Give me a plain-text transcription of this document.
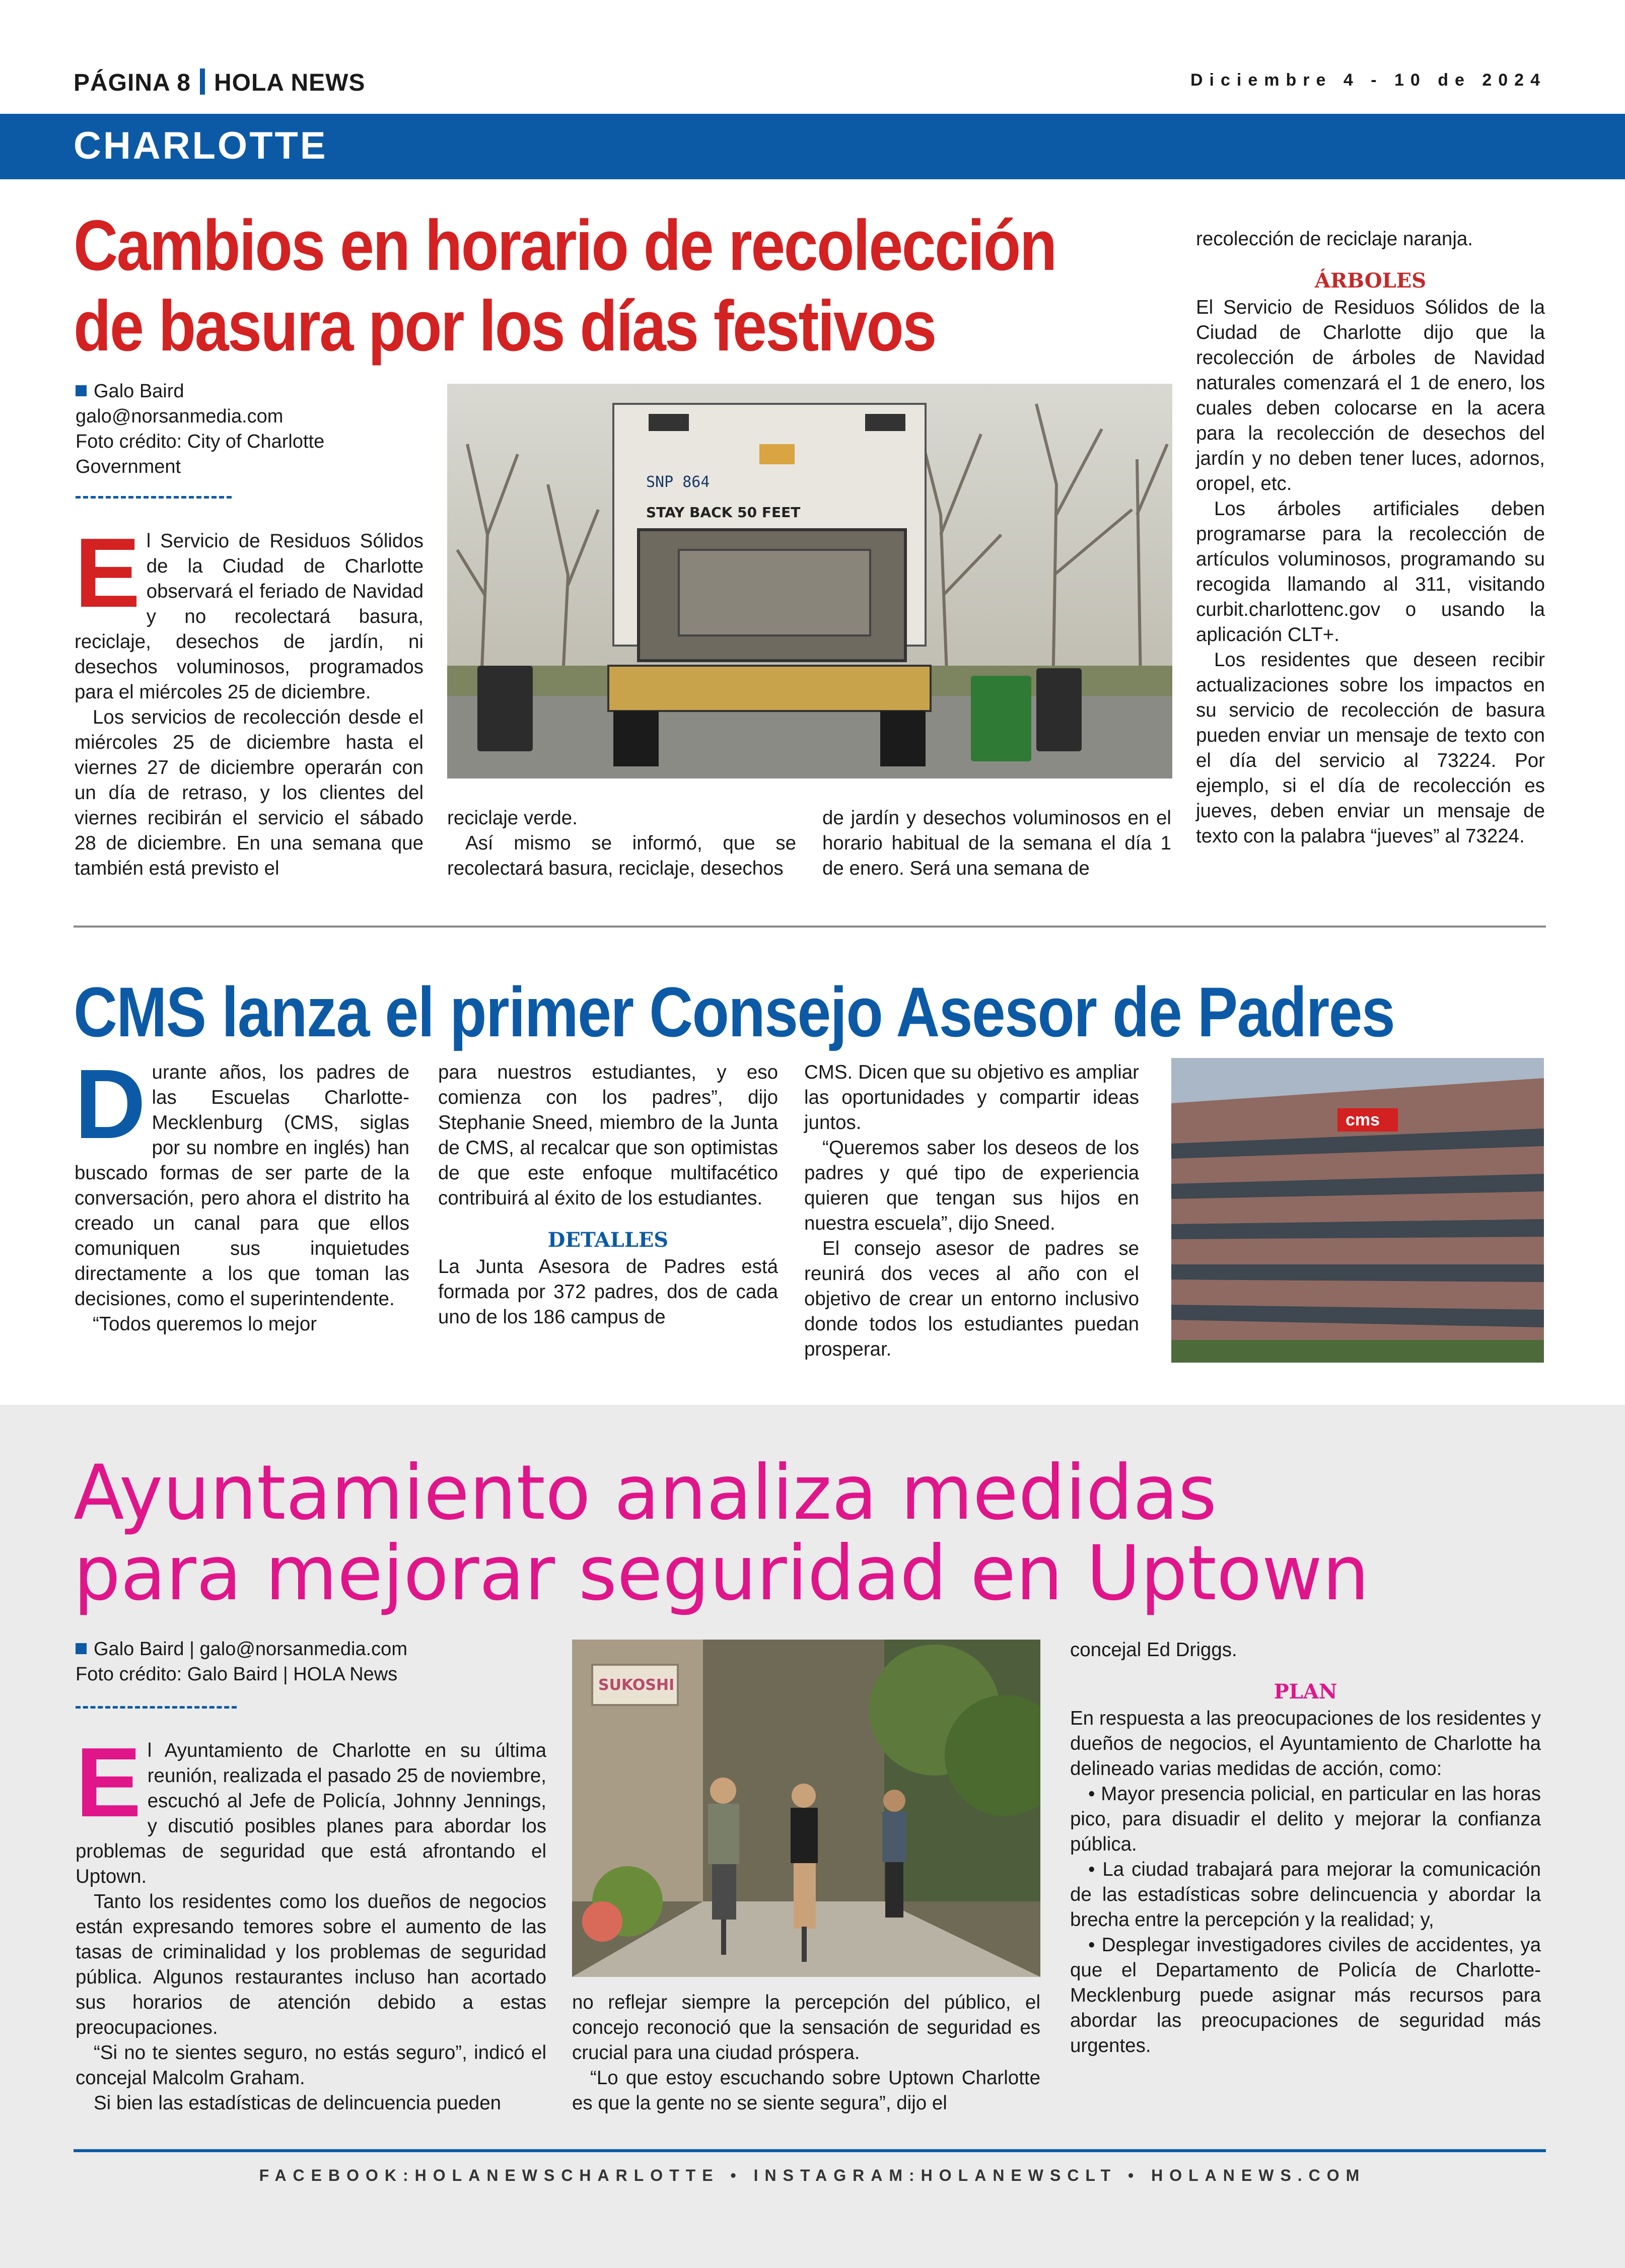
PÁGINA 8 HOLA NEWS	Diciembre 4 - 10 de 2024
CHARLOTTE
Cambios en horario de recolección
de basura por los días festivos
Galo Baird
galo@norsanmedia.com
Foto crédito: City of Charlotte
Government

El Servicio de Residuos Sólidos de la Ciudad de Charlotte observará el feriado de Navidad y no recolectará basura, reciclaje, desechos de jardín, ni desechos voluminosos, programados para el miércoles 25 de diciembre.

Los servicios de recolección desde el miércoles 25 de diciembre hasta el viernes 27 de diciembre operarán con un día de retraso, y los clientes del viernes recibirán el servicio el sábado 28 de diciembre. En una semana que también está previsto el

SNP 864
STAY BACK 50 FEET

reciclaje verde.

Así mismo se informó, que se recolectará basura, reciclaje, desechos

de jardín y desechos voluminosos en el horario habitual de la semana el día 1 de enero. Será una semana de

recolección de reciclaje naranja.

ÁRBOLES

El Servicio de Residuos Sólidos de la Ciudad de Charlotte dijo que la recolección de árboles de Navidad naturales comenzará el 1 de enero, los cuales deben colocarse en la acera para la recolección de desechos del jardín y no deben tener luces, adornos, oropel, etc.

Los árboles artificiales deben programarse para la recolección de artículos voluminosos, programando su recogida llamando al 311, visitando curbit.charlottenc.gov o usando la aplicación CLT+.

Los residentes que deseen recibir actualizaciones sobre los impactos en su servicio de recolección de basura pueden enviar un mensaje de texto con el día del servicio al 73224. Por ejemplo, si el día de recolección es jueves, deben enviar un mensaje de texto con la palabra “jueves” al 73224.

CMS lanza el primer Consejo Asesor de Padres

Durante años, los padres de las Escuelas Charlotte-Mecklenburg (CMS, siglas por su nombre en inglés) han buscado formas de ser parte de la conversación, pero ahora el distrito ha creado un canal para que ellos comuniquen sus inquietudes directamente a los que toman las decisiones, como el superintendente.

“Todos queremos lo mejor

para nuestros estudiantes, y eso comienza con los padres”, dijo Stephanie Sneed, miembro de la Junta de CMS, al recalcar que son optimistas de que este enfoque multifacético contribuirá al éxito de los estudiantes.

DETALLES

La Junta Asesora de Padres está formada por 372 padres, dos de cada uno de los 186 campus de

CMS. Dicen que su objetivo es ampliar las oportunidades y compartir ideas juntos.

“Queremos saber los deseos de los padres y qué tipo de experiencia quieren que tengan sus hijos en nuestra escuela”, dijo Sneed.

El consejo asesor de padres se reunirá dos veces al año con el objetivo de crear un entorno inclusivo donde todos los estudiantes puedan prosperar.

cms
Ayuntamiento analiza medidas
para mejorar seguridad en Uptown
Galo Baird | galo@norsanmedia.com
Foto crédito: Galo Baird | HOLA News

El Ayuntamiento de Charlotte en su última reunión, realizada el pasado 25 de noviembre, escuchó al Jefe de Policía, Johnny Jennings, y discutió posibles planes para abordar los problemas de seguridad que está afrontando el Uptown.

Tanto los residentes como los dueños de negocios están expresando temores sobre el aumento de las tasas de criminalidad y los problemas de seguridad pública. Algunos restaurantes incluso han acortado sus horarios de atención debido a estas preocupaciones.

“Si no te sientes seguro, no estás seguro”, indicó el concejal Malcolm Graham.

Si bien las estadísticas de delincuencia pueden

SUKOSHI

no reflejar siempre la percepción del público, el concejo reconoció que la sensación de seguridad es crucial para una ciudad próspera.

“Lo que estoy escuchando sobre Uptown Charlotte es que la gente no se siente segura”, dijo el

concejal Ed Driggs.

PLAN

En respuesta a las preocupaciones de los residentes y dueños de negocios, el Ayuntamiento de Charlotte ha delineado varias medidas de acción, como:

• Mayor presencia policial, en particular en las horas pico, para disuadir el delito y mejorar la confianza pública.
• La ciudad trabajará para mejorar la comunicación de las estadísticas sobre delincuencia y abordar la brecha entre la percepción y la realidad; y,
• Desplegar investigadores civiles de accidentes, ya que el Departamento de Policía de Charlotte-Mecklenburg puede asignar más recursos para abordar las preocupaciones de seguridad más urgentes.
FACEBOOK:HOLANEWSCHARLOTTE • INSTAGRAM:HOLANEWSCLT • HOLANEWS.COM
